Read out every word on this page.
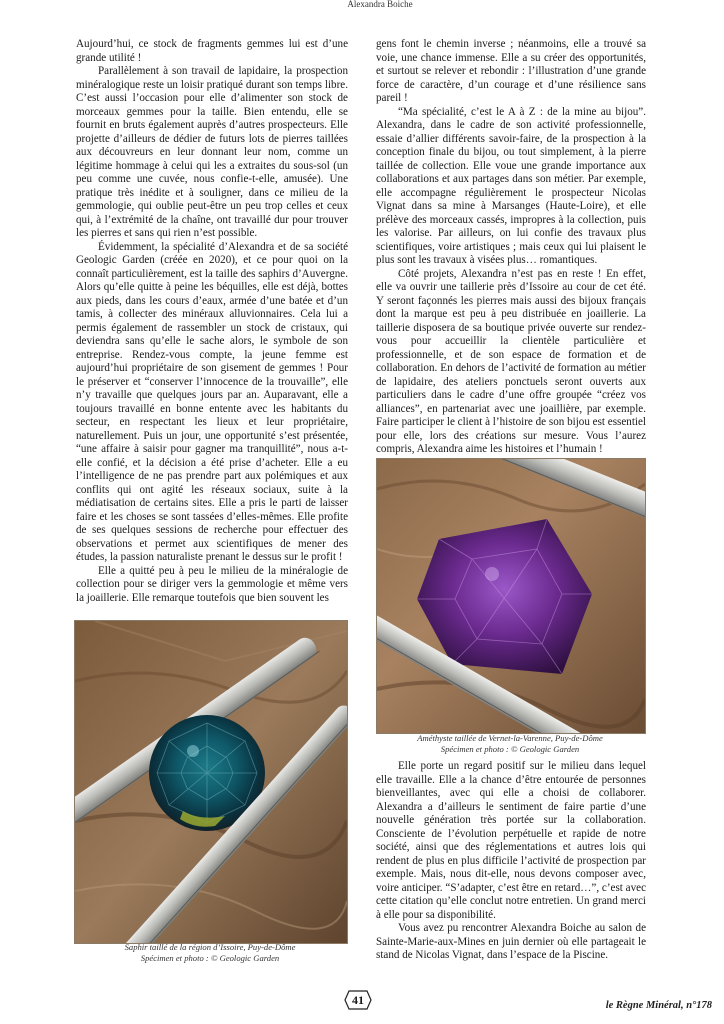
Alexandra Boiche

Aujourd’hui, ce stock de fragments gemmes lui est d’une grande utilité !

Parallèlement à son travail de lapidaire, la prospection minéralogique reste un loisir pratiqué durant son temps libre. C’est aussi l’occasion pour elle d’alimenter son stock de morceaux gemmes pour la taille. Bien entendu, elle se fournit en bruts également auprès d’autres prospecteurs. Elle projette d’ailleurs de dédier de futurs lots de pierres taillées aux découvreurs en leur donnant leur nom, comme un légitime hommage à celui qui les a extraites du sous-sol (un peu comme une cuvée, nous confie-t-elle, amusée). Une pratique très inédite et à souligner, dans ce milieu de la gemmologie, qui oublie peut-être un peu trop celles et ceux qui, à l’extrémité de la chaîne, ont travaillé dur pour trouver les pierres et sans qui rien n’est possible.

Évidemment, la spécialité d’Alexandra et de sa société Geologic Garden (créée en 2020), et ce pour quoi on la connaît particulièrement, est la taille des saphirs d’Auvergne. Alors qu’elle quitte à peine les béquilles, elle est déjà, bottes aux pieds, dans les cours d’eaux, armée d’une batée et d’un tamis, à collecter des minéraux alluvionnaires. Cela lui a permis également de rassembler un stock de cristaux, qui deviendra sans qu’elle le sache alors, le symbole de son entreprise. Rendez-vous compte, la jeune femme est aujourd’hui propriétaire de son gisement de gemmes ! Pour le préserver et “conserver l’innocence de la trouvaille”, elle n’y travaille que quelques jours par an. Auparavant, elle a toujours travaillé en bonne entente avec les habitants du secteur, en respectant les lieux et leur propriétaire, naturellement. Puis un jour, une opportunité s’est présentée, “une affaire à saisir pour gagner ma tranquillité”, nous a-t-elle confié, et la décision a été prise d’acheter. Elle a eu l’intelligence de ne pas prendre part aux polémiques et aux conflits qui ont agité les réseaux sociaux, suite à la médiatisation de certains sites. Elle a pris le parti de laisser faire et les choses se sont tassées d’elles-mêmes. Elle profite de ses quelques sessions de recherche pour effectuer des observations et permet aux scientifiques de mener des études, la passion naturaliste prenant le dessus sur le profit !

Elle a quitté peu à peu le milieu de la minéralogie de collection pour se diriger vers la gemmologie et même vers la joaillerie. Elle remarque toutefois que bien souvent les

Saphir taillé de la région d’Issoire, Puy-de-Dôme
Spécimen et photo : © Geologic Garden

gens font le chemin inverse ; néanmoins, elle a trouvé sa voie, une chance immense. Elle a su créer des opportunités, et surtout se relever et rebondir : l’illustration d’une grande force de caractère, d’un courage et d’une résilience sans pareil !

“Ma spécialité, c’est le A à Z : de la mine au bijou”. Alexandra, dans le cadre de son activité professionnelle, essaie d’allier différents savoir-faire, de la prospection à la conception finale du bijou, ou tout simplement, à la pierre taillée de collection. Elle voue une grande importance aux collaborations et aux partages dans son métier. Par exemple, elle accompagne régulièrement le prospecteur Nicolas Vignat dans sa mine à Marsanges (Haute-Loire), et elle prélève des morceaux cassés, impropres à la collection, puis les valorise. Par ailleurs, on lui confie des travaux plus scientifiques, voire artistiques ; mais ceux qui lui plaisent le plus sont les travaux à visées plus… romantiques.

Côté projets, Alexandra n’est pas en reste ! En effet, elle va ouvrir une taillerie près d’Issoire au cour de cet été. Y seront façonnés les pierres mais aussi des bijoux français dont la marque est peu à peu distribuée en joaillerie. La taillerie disposera de sa boutique privée ouverte sur rendez-vous pour accueillir la clientèle particulière et professionnelle, et de son espace de formation et de collaboration. En dehors de l’activité de formation au métier de lapidaire, des ateliers ponctuels seront ouverts aux particuliers dans le cadre d’une offre groupée “créez vos alliances”, en partenariat avec une joaillière, par exemple. Faire participer le client à l’histoire de son bijou est essentiel pour elle, lors des créations sur mesure. Vous l’aurez compris, Alexandra aime les histoires et l’humain !

Améthyste taillée de Vernet-la-Varenne, Puy-de-Dôme
Spécimen et photo : © Geologic Garden

Elle porte un regard positif sur le milieu dans lequel elle travaille. Elle a la chance d’être entourée de personnes bienveillantes, avec qui elle a choisi de collaborer. Alexandra a d’ailleurs le sentiment de faire partie d’une nouvelle génération très portée sur la collaboration. Consciente de l’évolution perpétuelle et rapide de notre société, ainsi que des réglementations et autres lois qui rendent de plus en plus difficile l’activité de prospection par exemple. Mais, nous dit-elle, nous devons composer avec, voire anticiper. “S’adapter, c’est être en retard…”, c’est avec cette citation qu’elle conclut notre entretien. Un grand merci à elle pour sa disponibilité.

Vous avez pu rencontrer Alexandra Boiche au salon de Sainte-Marie-aux-Mines en juin dernier où elle partageait le stand de Nicolas Vignat, dans l’espace de la Piscine.

41	le Règne Minéral, n°178
